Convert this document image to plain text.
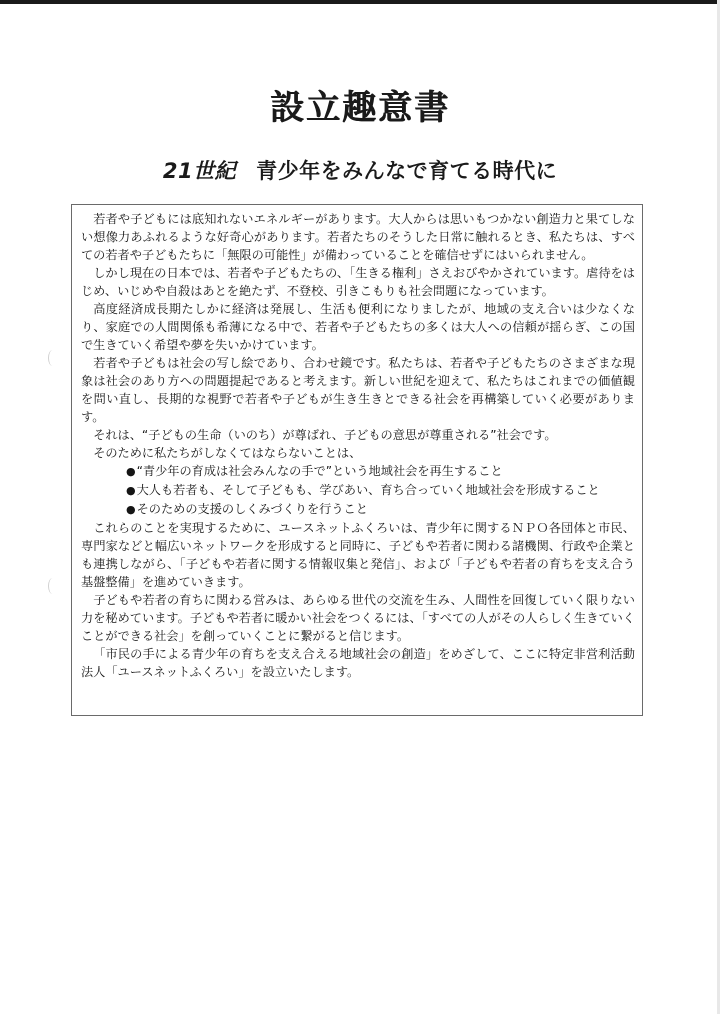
設立趣意書
21世紀 青少年をみんなで育てる時代に

若者や子どもには底知れないエネルギーがあります。大人からは思いもつかない創造力と果てしない想像力あふれるような好奇心があります。若者たちのそうした日常に触れるとき、私たちは、すべての若者や子どもたちに「無限の可能性」が備わっていることを確信せずにはいられません。

しかし現在の日本では、若者や子どもたちの、「生きる権利」さえおびやかされています。虐待をはじめ、いじめや自殺はあとを絶たず、不登校、引きこもりも社会問題になっています。

高度経済成長期たしかに経済は発展し、生活も便利になりましたが、地域の支え合いは少なくなり、家庭での人間関係も希薄になる中で、若者や子どもたちの多くは大人への信頼が揺らぎ、この国で生きていく希望や夢を失いかけています。

若者や子どもは社会の写し絵であり、合わせ鏡です。私たちは、若者や子どもたちのさまざまな現象は社会のあり方への問題提起であると考えます。新しい世紀を迎えて、私たちはこれまでの価値観を問い直し、長期的な視野で若者や子どもが生き生きとできる社会を再構築していく必要があります。

それは、“子どもの生命（いのち）が尊ばれ、子どもの意思が尊重される”社会です。

そのために私たちがしなくてはならないことは、

●“青少年の育成は社会みんなの手で”という地域社会を再生すること

●大人も若者も、そして子どもも、学びあい、育ち合っていく地域社会を形成すること

●そのための支援のしくみづくりを行うこと

これらのことを実現するために、ユースネットふくろいは、青少年に関するＮＰＯ各団体と市民、専門家などと幅広いネットワークを形成すると同時に、子どもや若者に関わる諸機関、行政や企業とも連携しながら、「子どもや若者に関する情報収集と発信」、および「子どもや若者の育ちを支え合う基盤整備」を進めていきます。

子どもや若者の育ちに関わる営みは、あらゆる世代の交流を生み、人間性を回復していく限りない力を秘めています。子どもや若者に暖かい社会をつくるには、「すべての人がその人らしく生きていくことができる社会」を創っていくことに繋がると信じます。

「市民の手による青少年の育ちを支え合える地域社会の創造」をめざして、ここに特定非営利活動法人「ユースネットふくろい」を設立いたします。
